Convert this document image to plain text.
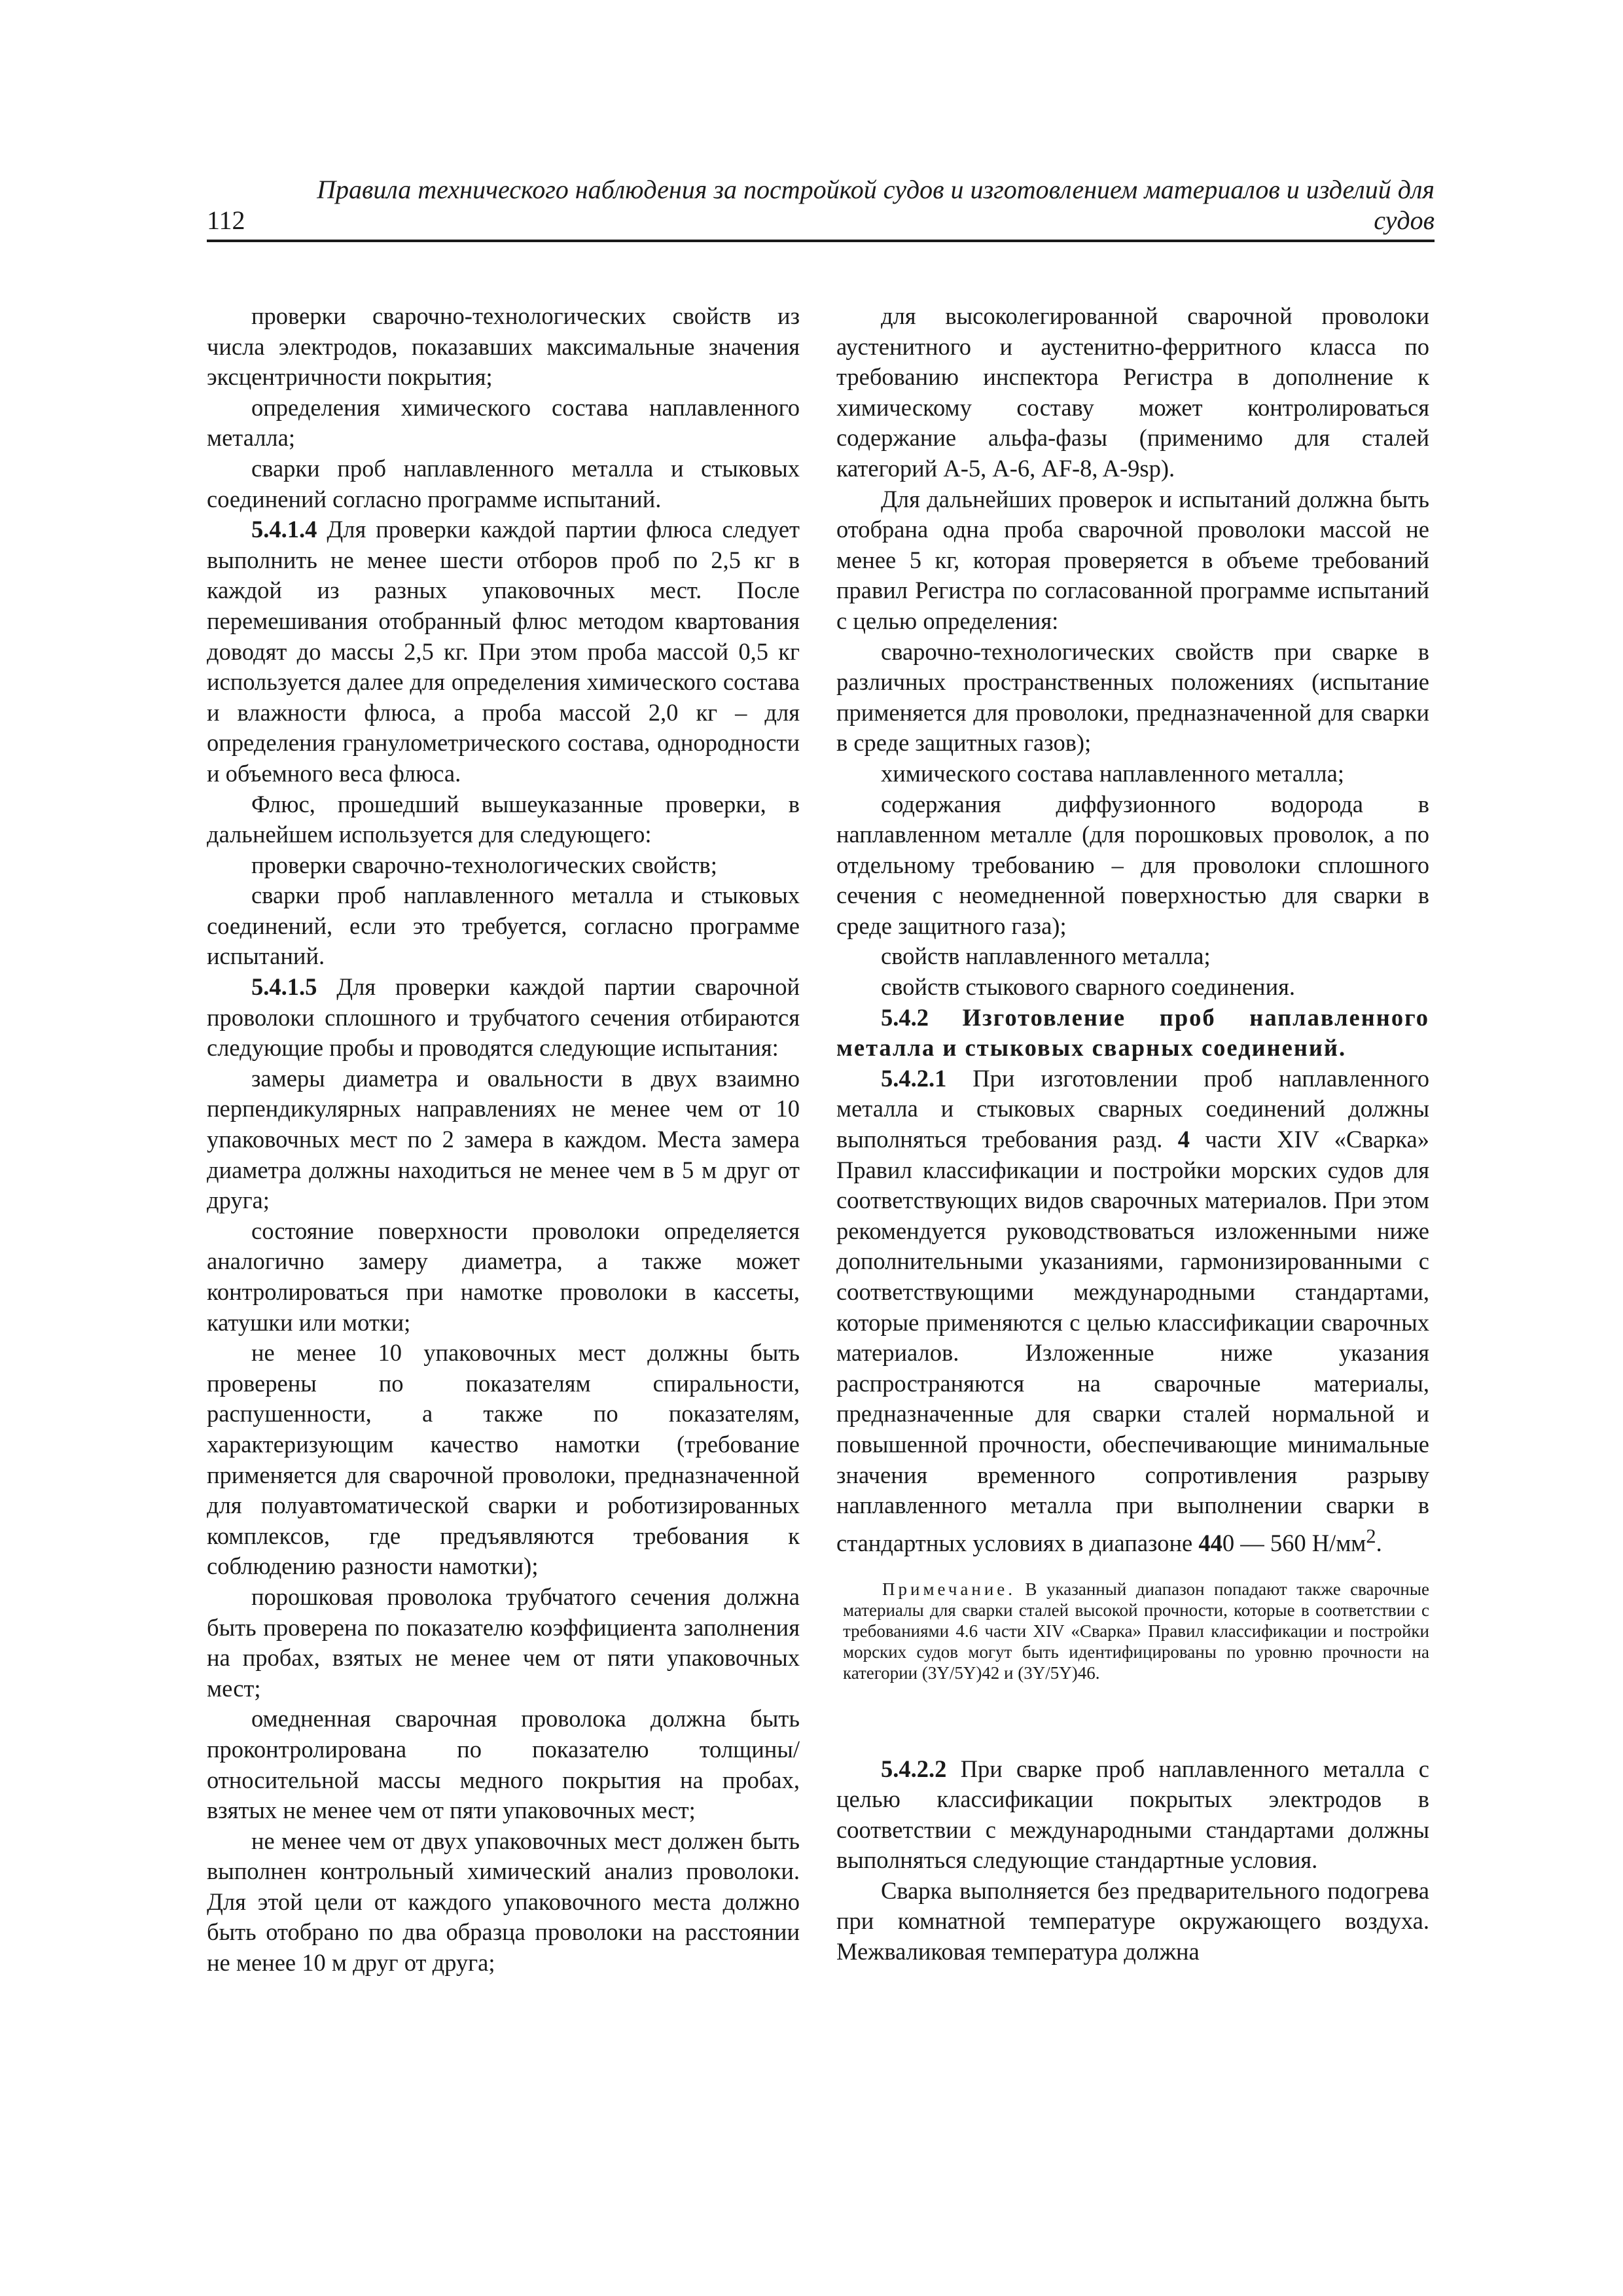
112
Правила технического наблюдения за постройкой судов и изготовлением материалов и изделий для судов

проверки сварочно-технологических свойств из числа электродов, показавших максимальные значения эксцентричности покрытия;

определения химического состава наплавленного металла;

сварки проб наплавленного металла и стыковых соединений согласно программе испытаний.

5.4.1.4 Для проверки каждой партии флюса следует выполнить не менее шести отборов проб по 2,5 кг в каждой из разных упаковочных мест. После перемешивания отобранный флюс методом квартования доводят до массы 2,5 кг. При этом проба массой 0,5 кг используется далее для определения химического состава и влажности флюса, а проба массой 2,0 кг – для определения гранулометрического состава, однородности и объемного веса флюса.

Флюс, прошедший вышеуказанные проверки, в дальнейшем используется для следующего:

проверки сварочно-технологических свойств;

сварки проб наплавленного металла и стыковых соединений, если это требуется, согласно программе испытаний.

5.4.1.5 Для проверки каждой партии сварочной проволоки сплошного и трубчатого сечения отбираются следующие пробы и проводятся следующие испытания:

замеры диаметра и овальности в двух взаимно перпендикулярных направлениях не менее чем от 10 упаковочных мест по 2 замера в каждом. Места замера диаметра должны находиться не менее чем в 5 м друг от друга;

состояние поверхности проволоки определяется аналогично замеру диаметра, а также может контролироваться при намотке проволоки в кассеты, катушки или мотки;

не менее 10 упаковочных мест должны быть проверены по показателям спиральности, распушенности, а также по показателям, характеризующим качество намотки (требование применяется для сварочной проволоки, предназначенной для полуавтоматической сварки и роботизированных комплексов, где предъявляются требования к соблюдению разности намотки);

порошковая проволока трубчатого сечения должна быть проверена по показателю коэффициента заполнения на пробах, взятых не менее чем от пяти упаковочных мест;

омедненная сварочная проволока должна быть проконтролирована по показателю толщины/относительной массы медного покрытия на пробах, взятых не менее чем от пяти упаковочных мест;

не менее чем от двух упаковочных мест должен быть выполнен контрольный химический анализ проволоки. Для этой цели от каждого упаковочного места должно быть отобрано по два образца проволоки на расстоянии не менее 10 м друг от друга;

для высоколегированной сварочной проволоки аустенитного и аустенитно-ферритного класса по требованию инспектора Регистра в дополнение к химическому составу может контролироваться содержание альфа-фазы (применимо для сталей категорий А-5, А-6, AF-8, A-9sp).

Для дальнейших проверок и испытаний должна быть отобрана одна проба сварочной проволоки массой не менее 5 кг, которая проверяется в объеме требований правил Регистра по согласованной программе испытаний с целью определения:

сварочно-технологических свойств при сварке в различных пространственных положениях (испытание применяется для проволоки, предназначенной для сварки в среде защитных газов);

химического состава наплавленного металла;

содержания диффузионного водорода в наплавленном металле (для порошковых проволок, а по отдельному требованию – для проволоки сплошного сечения с неомедненной поверхностью для сварки в среде защитного газа);

свойств наплавленного металла;

свойств стыкового сварного соединения.

5.4.2 Изготовление проб наплавленного металла и стыковых сварных соединений.

5.4.2.1 При изготовлении проб наплавленного металла и стыковых сварных соединений должны выполняться требования разд. 4 части XIV «Сварка» Правил классификации и постройки морских судов для соответствующих видов сварочных материалов. При этом рекомендуется руководствоваться изложенными ниже дополнительными указаниями, гармонизированными с соответствующими международными стандартами, которые применяются с целью классификации сварочных материалов. Изложенные ниже указания распространяются на сварочные материалы, предназначенные для сварки сталей нормальной и повышенной прочности, обеспечивающие минимальные значения временного сопротивления разрыву наплавленного металла при выполнении сварки в стандартных условиях в диапазоне 440 — 560 $Н/мм^2$.

Примечание. В указанный диапазон попадают также сварочные материалы для сварки сталей высокой прочности, которые в соответствии с требованиями 4.6 части XIV «Сварка» Правил классификации и постройки морских судов могут быть идентифицированы по уровню прочности на категории (3Y/5Y)42 и (3Y/5Y)46.

5.4.2.2 При сварке проб наплавленного металла с целью классификации покрытых электродов в соответствии с международными стандартами должны выполняться следующие стандартные условия.

Сварка выполняется без предварительного подогрева при комнатной температуре окружающего воздуха. Межваликовая температура должна
